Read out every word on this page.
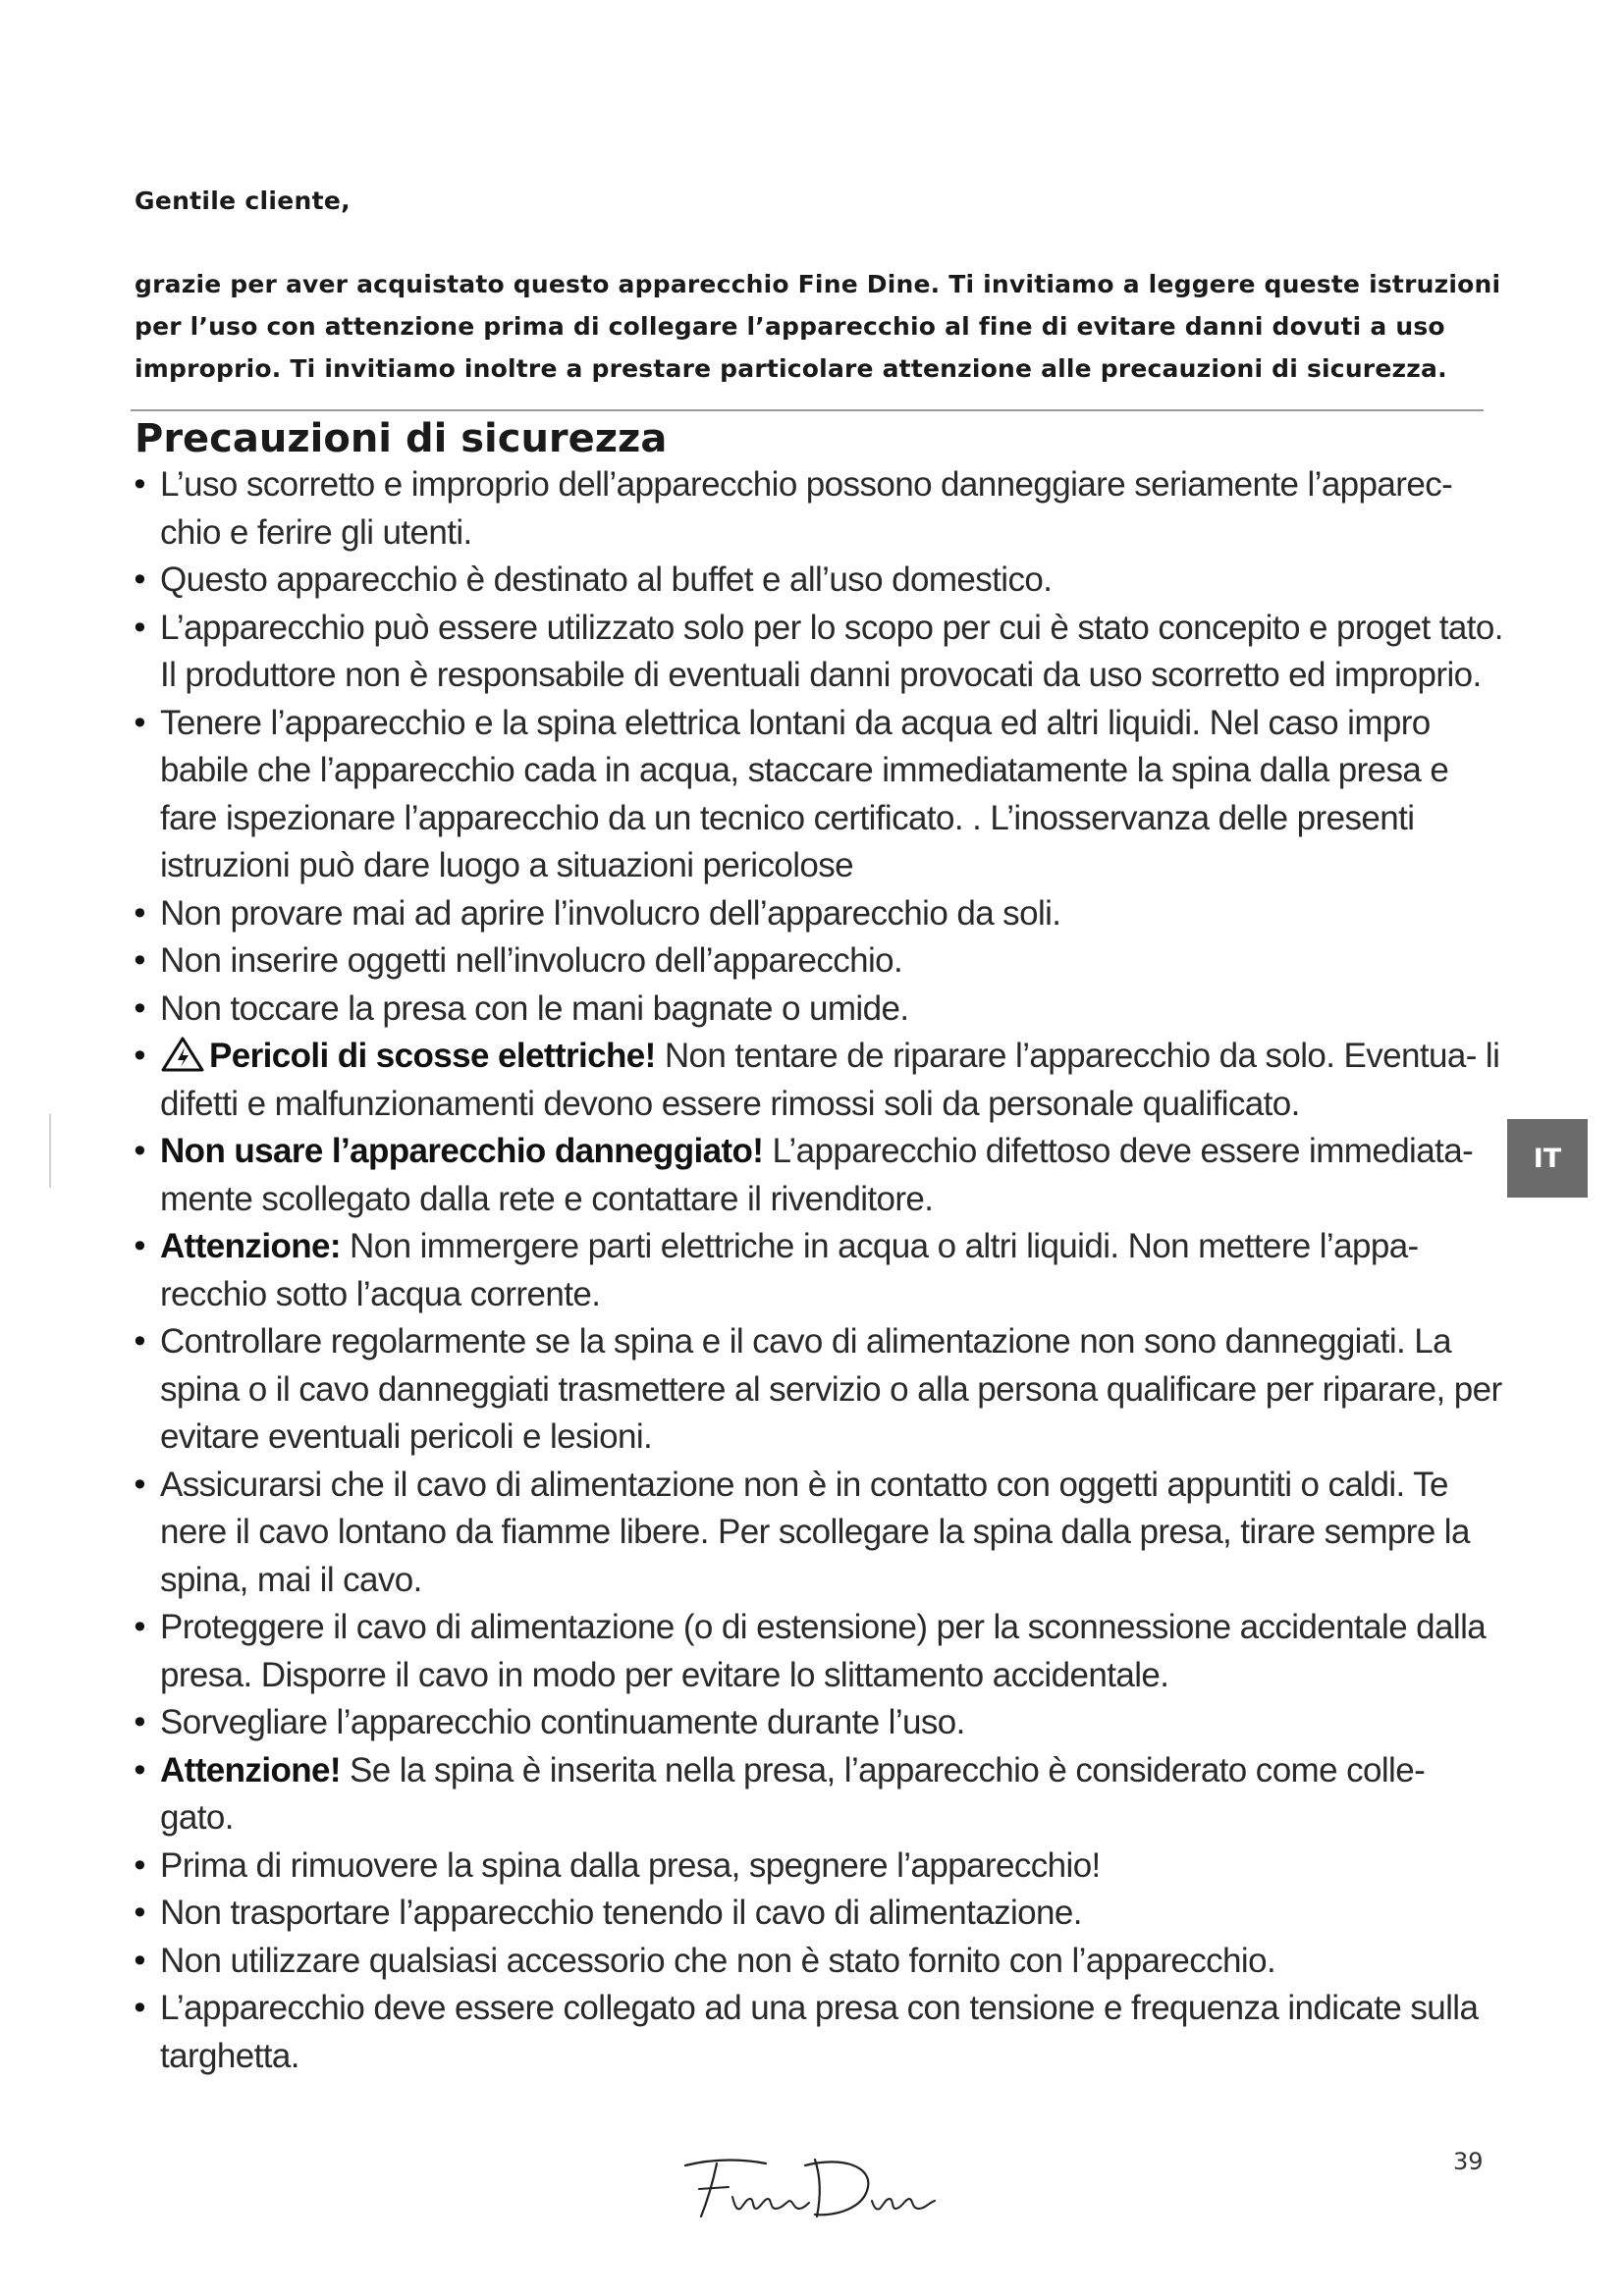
Gentile cliente,
grazie per aver acquistato questo apparecchio Fine Dine. Ti invitiamo a leggere queste istruzioni per l’uso con attenzione prima di collegare l’apparecchio al fine di evitare danni dovuti a uso improprio. Ti invitiamo inoltre a prestare particolare attenzione alle precauzioni di sicurezza.
Precauzioni di sicurezza
• L’uso scorretto e improprio dell’apparecchio possono danneggiare seriamente l’apparec- chio e ferire gli utenti.
• Questo apparecchio è destinato al buffet e all’uso domestico.
• L’apparecchio può essere utilizzato solo per lo scopo per cui è stato concepito e proget tato. Il produttore non è responsabile di eventuali danni provocati da uso scorretto ed improprio.
• Tenere l’apparecchio e la spina elettrica lontani da acqua ed altri liquidi. Nel caso impro babile che l’apparecchio cada in acqua, staccare immediatamente la spina dalla presa e fare ispezionare l’apparecchio da un tecnico certificato. . L’inosservanza delle presenti istruzioni può dare luogo a situazioni pericolose
• Non provare mai ad aprire l’involucro dell’apparecchio da soli.
• Non inserire oggetti nell’involucro dell’apparecchio.
• Non toccare la presa con le mani bagnate o umide.
• Pericoli di scosse elettriche! Non tentare de riparare l’apparecchio da solo. Eventua- li difetti e malfunzionamenti devono essere rimossi soli da personale qualificato.
• Non usare l’apparecchio danneggiato! L’apparecchio difettoso deve essere immediata- mente scollegato dalla rete e contattare il rivenditore.
• Attenzione: Non immergere parti elettriche in acqua o altri liquidi. Non mettere l’appa- recchio sotto l’acqua corrente.
• Controllare regolarmente se la spina e il cavo di alimentazione non sono danneggiati. La spina o il cavo danneggiati trasmettere al servizio o alla persona qualificare per riparare, per evitare eventuali pericoli e lesioni.
• Assicurarsi che il cavo di alimentazione non è in contatto con oggetti appuntiti o caldi. Te nere il cavo lontano da fiamme libere. Per scollegare la spina dalla presa, tirare sempre la spina, mai il cavo.
• Proteggere il cavo di alimentazione (o di estensione) per la sconnessione accidentale dalla presa. Disporre il cavo in modo per evitare lo slittamento accidentale.
• Sorvegliare l’apparecchio continuamente durante l’uso.
• Attenzione! Se la spina è inserita nella presa, l’apparecchio è considerato come colle- gato.
• Prima di rimuovere la spina dalla presa, spegnere l’apparecchio!
• Non trasportare l’apparecchio tenendo il cavo di alimentazione.
• Non utilizzare qualsiasi accessorio che non è stato fornito con l’apparecchio.
• L’apparecchio deve essere collegato ad una presa con tensione e frequenza indicate sulla targhetta.
IT
39
